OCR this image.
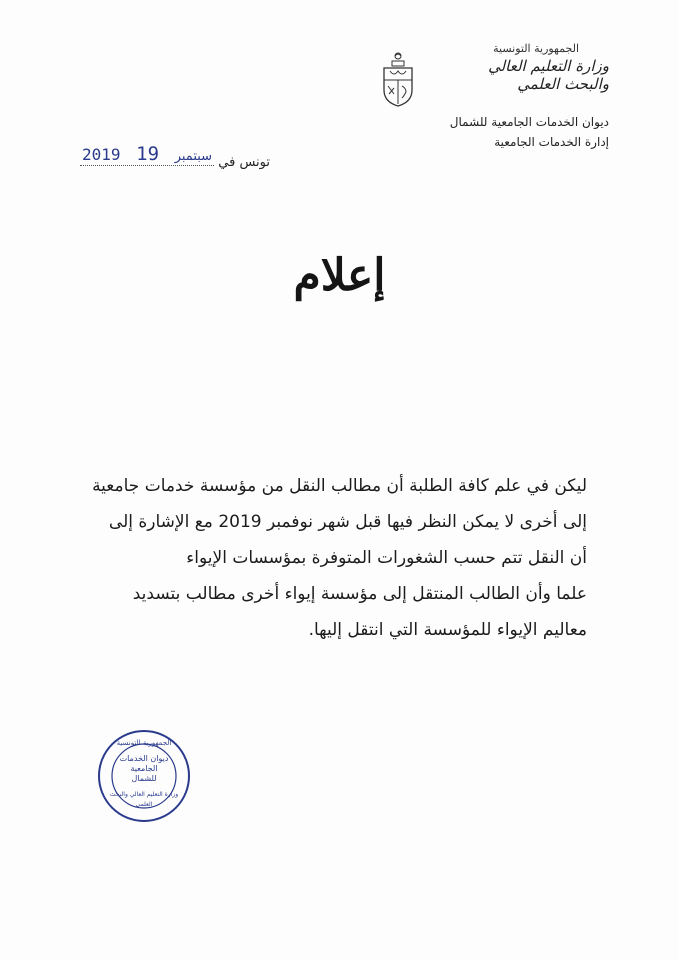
الجمهورية التونسية
وزارة التعليم العالي
والبحث العلمي
ديوان الخدمات الجامعية للشمال
إدارة الخدمات الجامعية
تونس في
2019	سبتمبر 19
إعلام

ليكن في علم كافة الطلبة أن مطالب النقل من مؤسسة خدمات جامعية

إلى أخرى لا يمكن النظر فيها قبل شهر نوفمبر 2019 مع الإشارة إلى

أن النقل تتم حسب الشغورات المتوفرة بمؤسسات الإيواء

علما وأن الطالب المنتقل إلى مؤسسة إيواء أخرى مطالب بتسديد

معاليم الإيواء للمؤسسة التي انتقل إليها.

الجمهورية التونسية
ديوان الخدمات
الجامعية
للشمال
وزارة التعليم العالي والبحث العلمي
